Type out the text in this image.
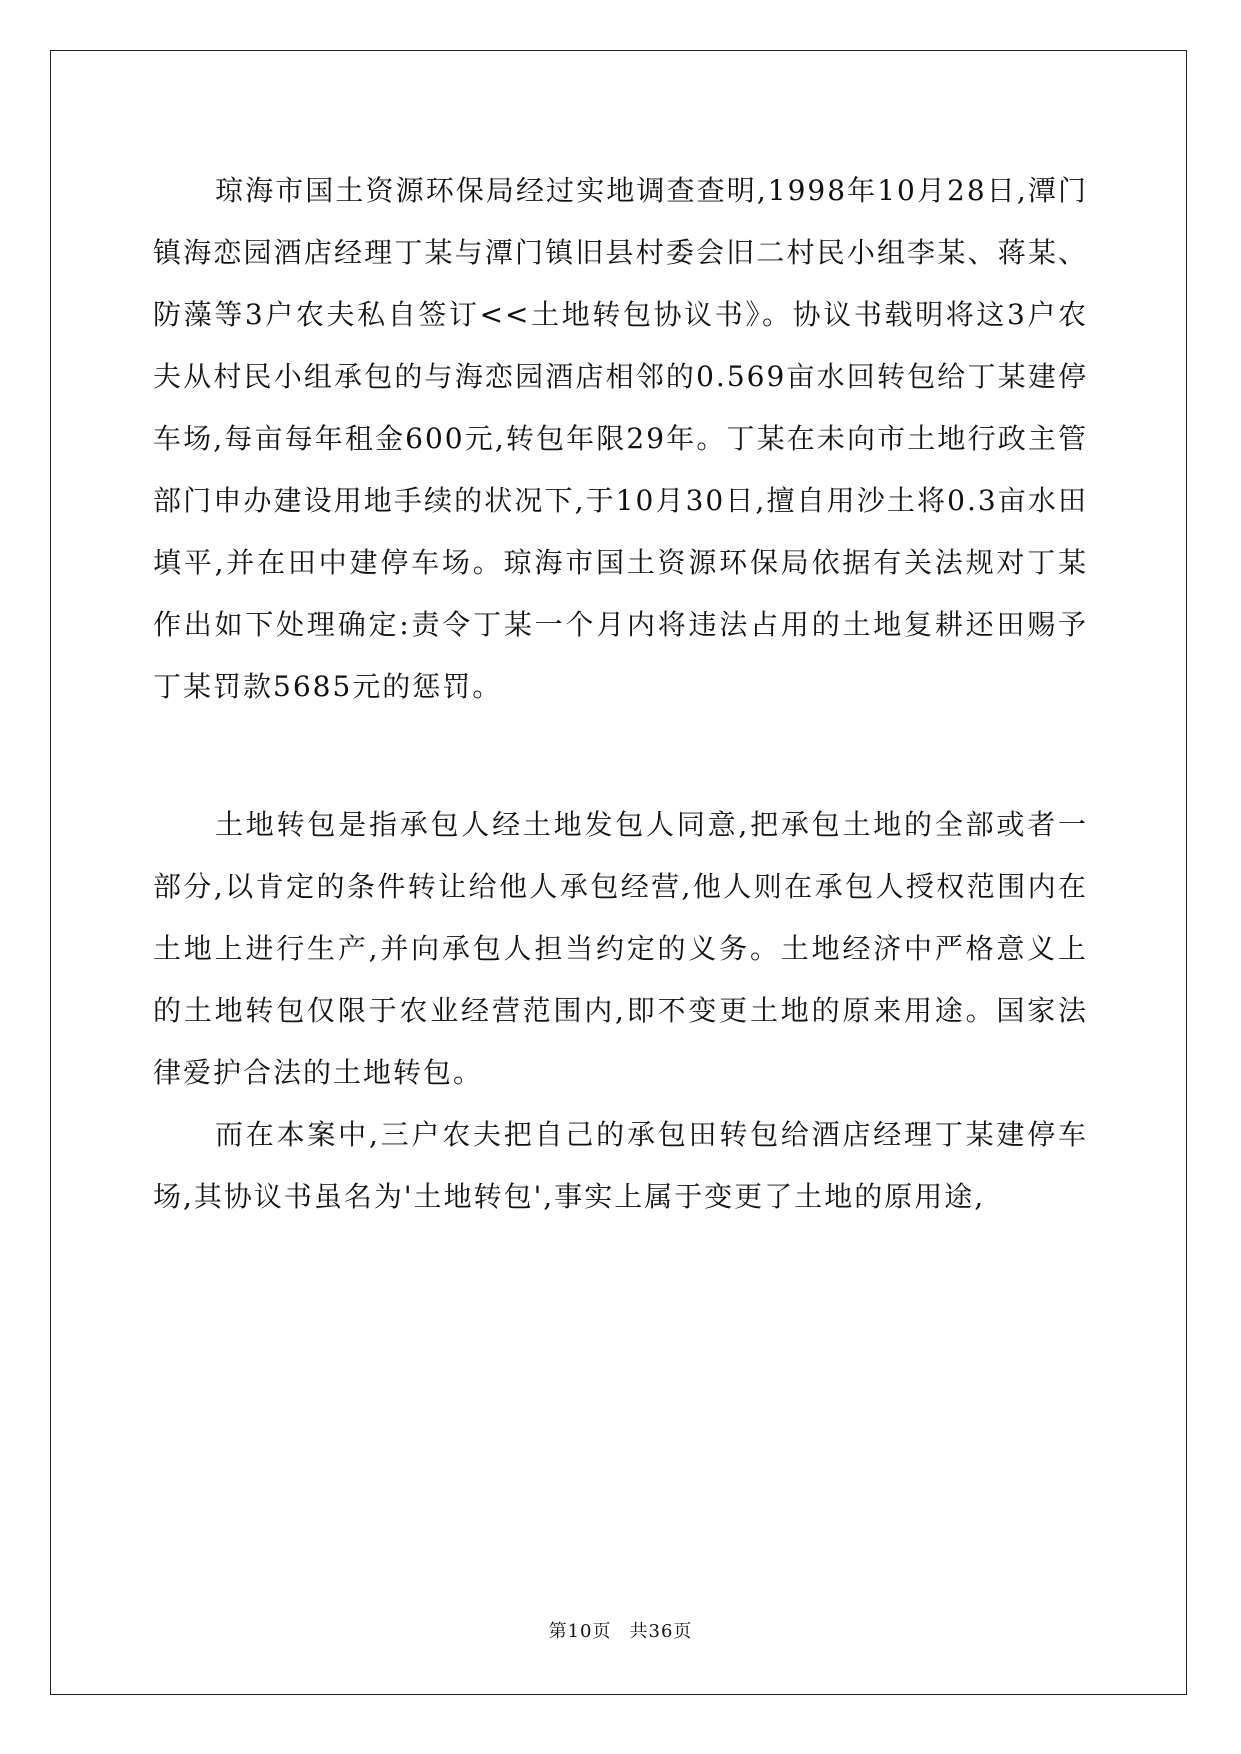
琼海市国土资源环保局经过实地调查查明,1998年10月28日,潭门镇海恋园酒店经理丁某与潭门镇旧县村委会旧二村民小组李某、蒋某、防藻等3户农夫私自签订<<土地转包协议书》。协议书载明将这3户农夫从村民小组承包的与海恋园酒店相邻的0.569亩水回转包给丁某建停车场,每亩每年租金600元,转包年限29年。丁某在未向市土地行政主管部门申办建设用地手续的状况下,于10月30日,擅自用沙土将0.3亩水田填平,并在田中建停车场。琼海市国土资源环保局依据有关法规对丁某作出如下处理确定:责令丁某一个月内将违法占用的土地复耕还田赐予丁某罚款5685元的惩罚。

土地转包是指承包人经土地发包人同意,把承包土地的全部或者一部分,以肯定的条件转让给他人承包经营,他人则在承包人授权范围内在土地上进行生产,并向承包人担当约定的义务。土地经济中严格意义上的土地转包仅限于农业经营范围内,即不变更土地的原来用途。国家法律爱护合法的土地转包。

而在本案中,三户农夫把自己的承包田转包给酒店经理丁某建停车场,其协议书虽名为'土地转包',事实上属于变更了土地的原用途,

第10页 共36页
